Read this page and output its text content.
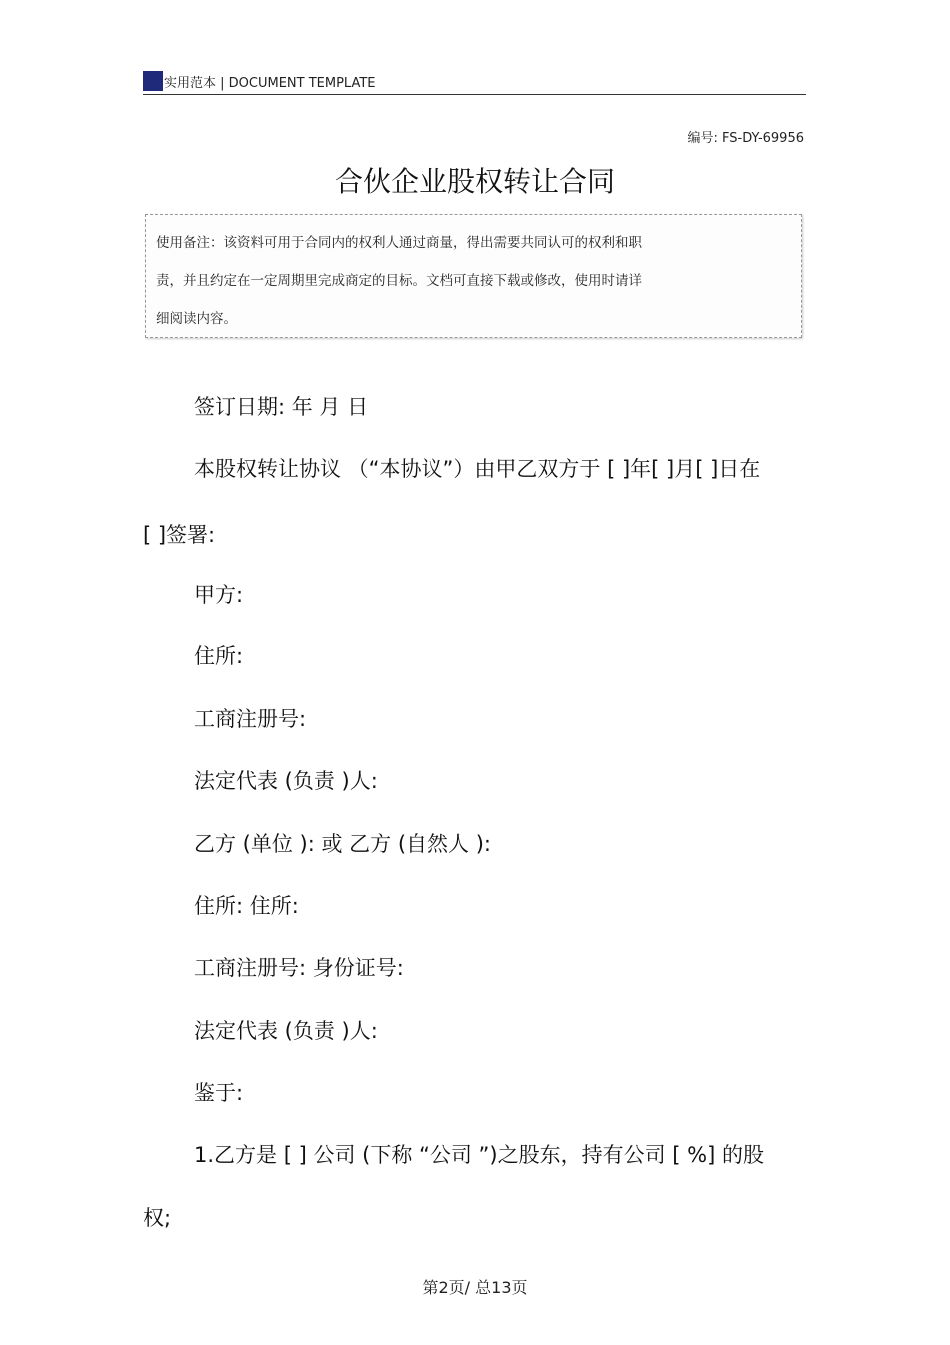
实用范本 | DOCUMENT TEMPLATE
编号: FS-DY-69956
合伙企业股权转让合同
使用备注：该资料可用于合同内的权利人通过商量，得出需要共同认可的权利和职
责，并且约定在一定周期里完成商定的目标。文档可直接下载或修改，使用时请详
细阅读内容。
签订日期: 年 月 日
本股权转让协议 （“本协议”）由甲乙双方于 [ ]年[ ]月[ ]日在
[ ]签署:
甲方:
住所:
工商注册号:
法定代表 (负责 )人:
乙方 (单位 ): 或 乙方 (自然人 ):
住所: 住所:
工商注册号: 身份证号:
法定代表 (负责 )人:
鉴于:
1.乙方是 [ ] 公司 (下称 “公司 ”)之股东，持有公司 [ %] 的股
权;
第2页/ 总13页
